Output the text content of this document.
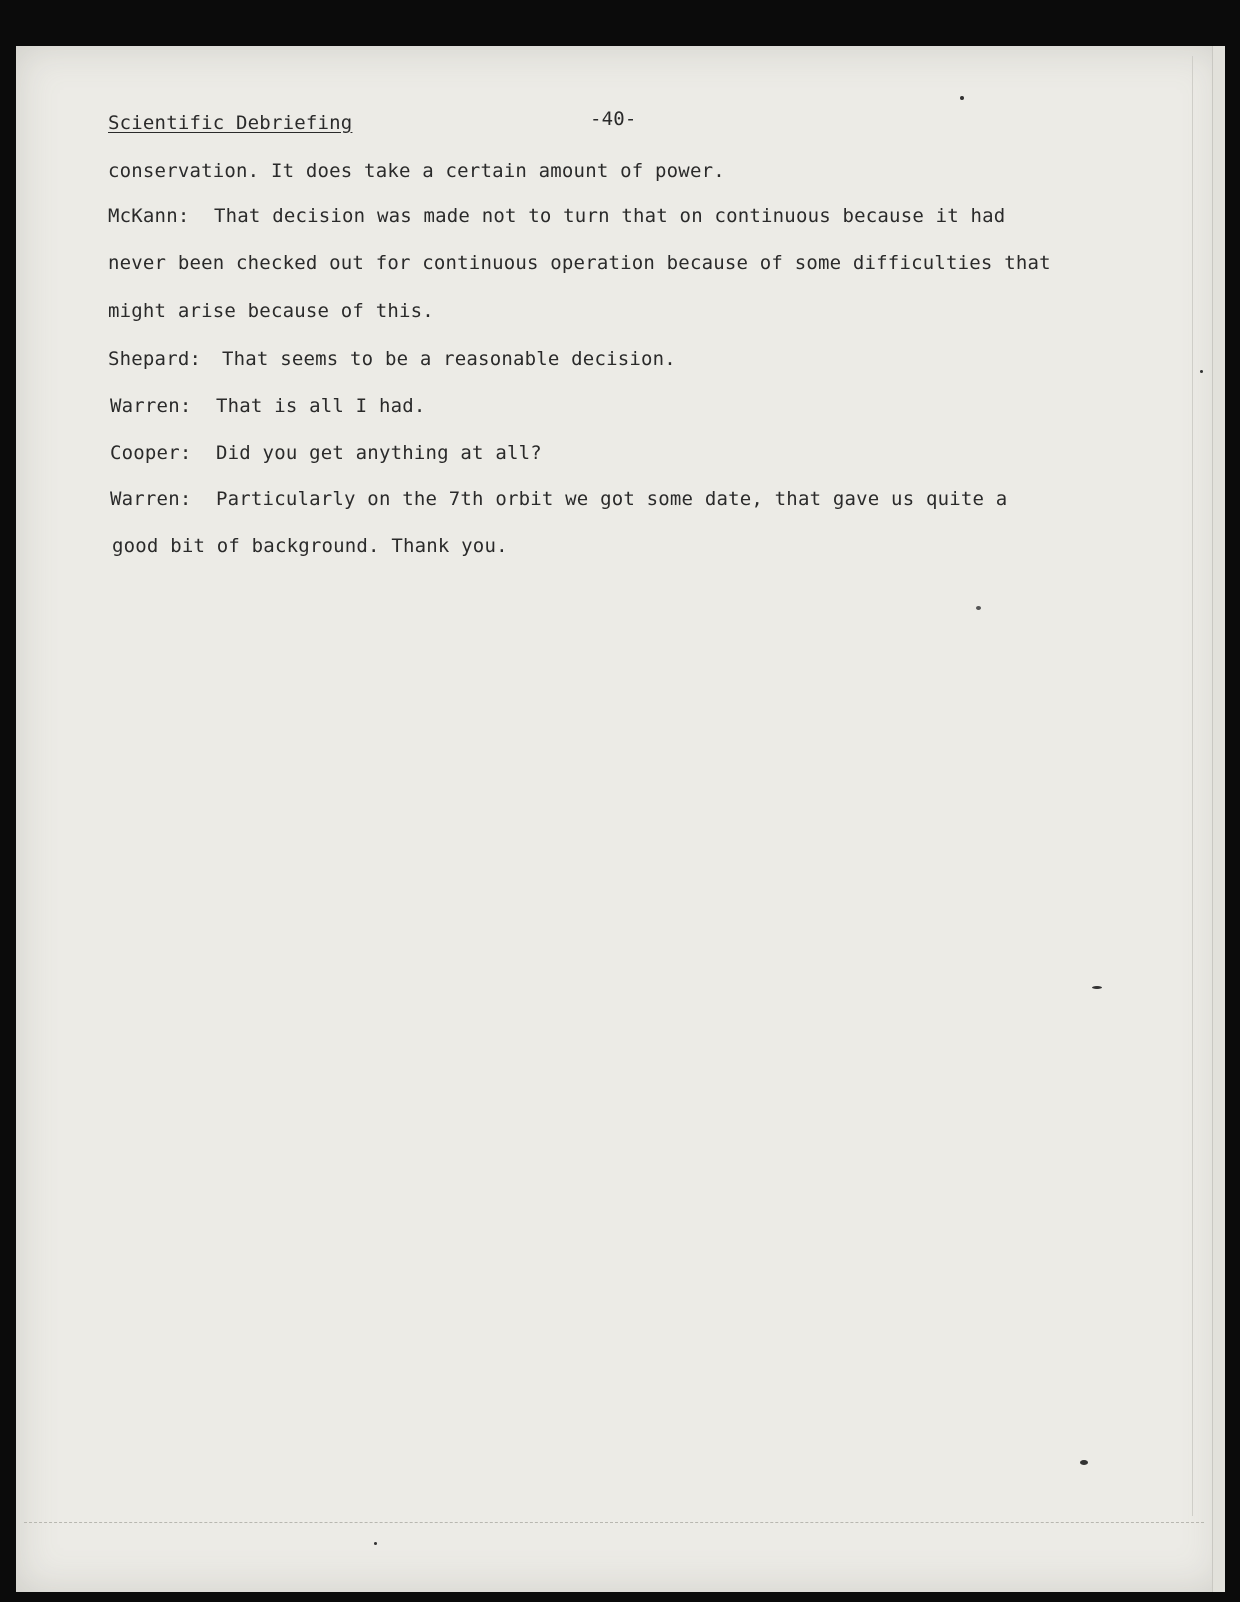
Scientific Debriefing	-40-
conservation. It does take a certain amount of power.
McKann: That decision was made not to turn that on continuous because it had
never been checked out for continuous operation because of some difficulties that
might arise because of this.
Shepard: That seems to be a reasonable decision.
Warren: That is all I had.
Cooper: Did you get anything at all?
Warren: Particularly on the 7th orbit we got some date, that gave us quite a
good bit of background. Thank you.
